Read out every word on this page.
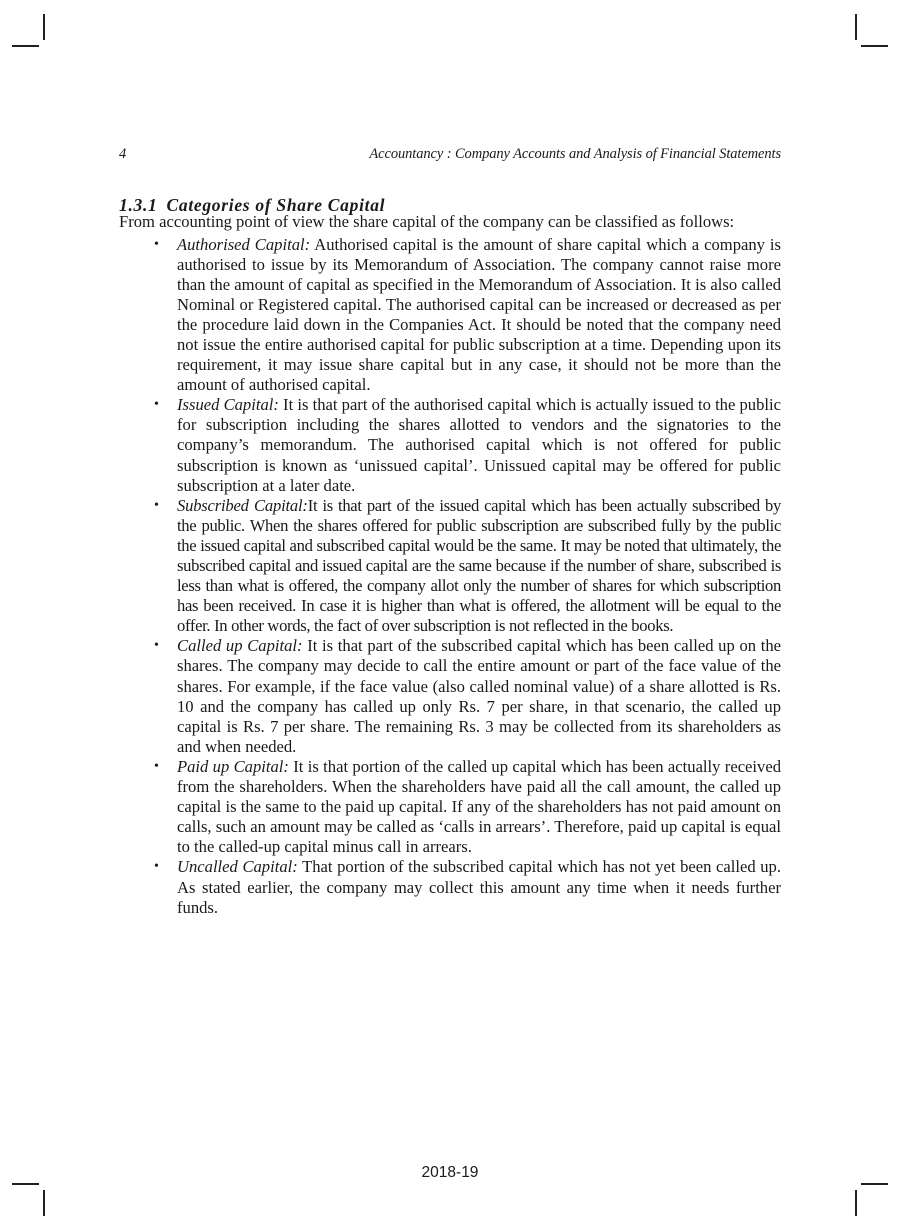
4	Accountancy : Company Accounts and Analysis of Financial Statements
1.3.1 Categories of Share Capital

From accounting point of view the share capital of the company can be classified as follows:

• Authorised Capital: Authorised capital is the amount of share capital which a company is authorised to issue by its Memorandum of Association. The company cannot raise more than the amount of capital as specified in the Memorandum of Association. It is also called Nominal or Registered capital. The authorised capital can be increased or decreased as per the procedure laid down in the Companies Act. It should be noted that the company need not issue the entire authorised capital for public subscription at a time. Depending upon its requirement, it may issue share capital but in any case, it should not be more than the amount of authorised capital.
• Issued Capital: It is that part of the authorised capital which is actually issued to the public for subscription including the shares allotted to vendors and the signatories to the company’s memorandum. The authorised capital which is not offered for public subscription is known as ‘unissued capital’. Unissued capital may be offered for public subscription at a later date.
• Subscribed Capital:It is that part of the issued capital which has been actually subscribed by the public. When the shares offered for public subscription are subscribed fully by the public the issued capital and subscribed capital would be the same. It may be noted that ultimately, the subscribed capital and issued capital are the same because if the number of share, subscribed is less than what is offered, the company allot only the number of shares for which subscription has been received. In case it is higher than what is offered, the allotment will be equal to the offer. In other words, the fact of over subscription is not reflected in the books.
• Called up Capital: It is that part of the subscribed capital which has been called up on the shares. The company may decide to call the entire amount or part of the face value of the shares. For example, if the face value (also called nominal value) of a share allotted is Rs. 10 and the company has called up only Rs. 7 per share, in that scenario, the called up capital is Rs. 7 per share. The remaining Rs. 3 may be collected from its shareholders as and when needed.
• Paid up Capital: It is that portion of the called up capital which has been actually received from the shareholders. When the shareholders have paid all the call amount, the called up capital is the same to the paid up capital. If any of the shareholders has not paid amount on calls, such an amount may be called as ‘calls in arrears’. Therefore, paid up capital is equal to the called-up capital minus call in arrears.
• Uncalled Capital: That portion of the subscribed capital which has not yet been called up. As stated earlier, the company may collect this amount any time when it needs further funds.
2018-19
